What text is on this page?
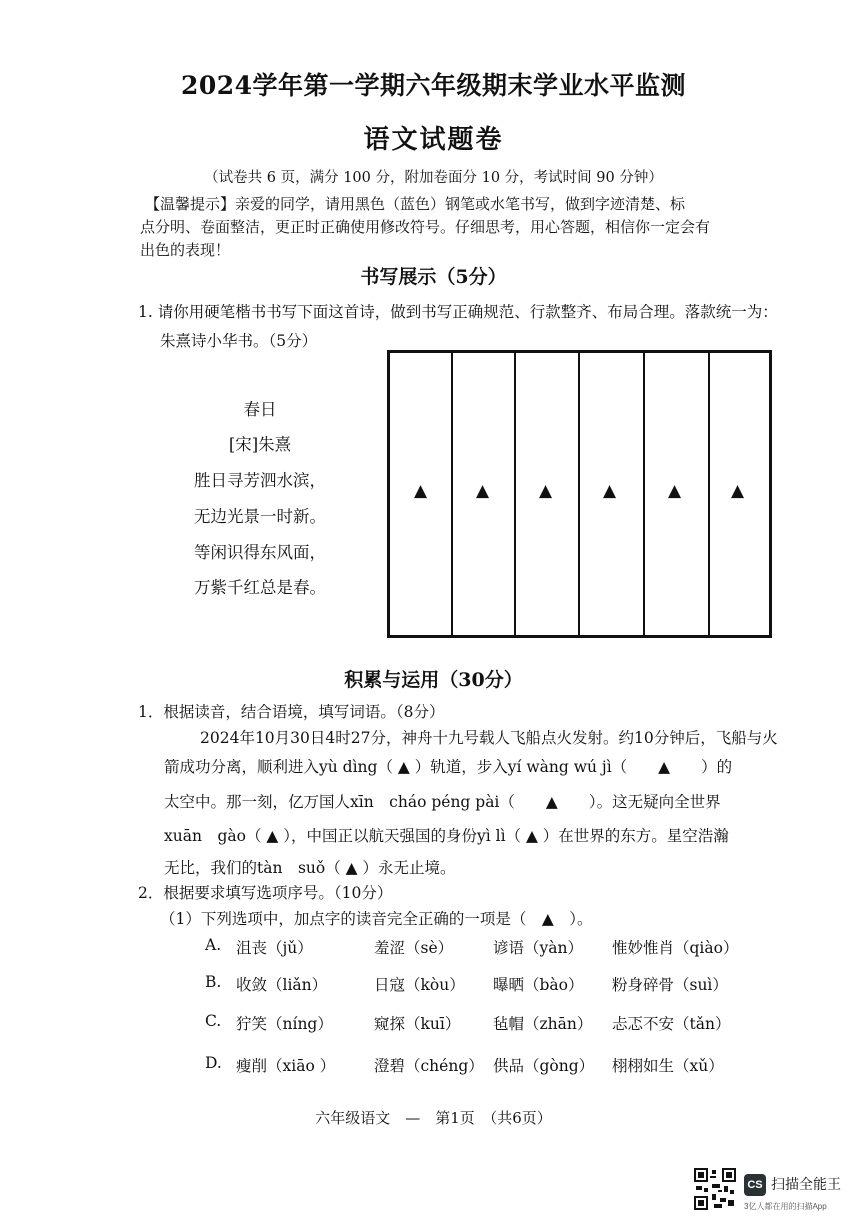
2024学年第一学期六年级期末学业水平监测
语文试题卷
（试卷共 6 页，满分 100 分，附加卷面分 10 分，考试时间 90 分钟）
【温馨提示】亲爱的同学，请用黑色（蓝色）钢笔或水笔书写，做到字迹清楚、标
点分明、卷面整洁，更正时正确使用修改符号。仔细思考，用心答题，相信你一定会有
出色的表现！
书写展示（5分）
1. 请你用硬笔楷书书写下面这首诗，做到书写正确规范、行款整齐、布局合理。落款统一为：
朱熹诗小华书。（5分）
春日
[宋]朱熹
胜日寻芳泗水滨，
无边光景一时新。
等闲识得东风面，
万紫千红总是春。
▲	▲	▲	▲	▲	▲
积累与运用（30分）
1．根据读音，结合语境，填写词语。（8分）
2024年10月30日4时27分，神舟十九号载人飞船点火发射。约10分钟后，飞船与火
箭成功分离，顺利进入yù dìng（ ▲ ）轨道，步入yí wàng wú jì（　　▲　　）的
太空中。那一刻，亿万国人xīn　cháo péng pài（　　▲　　）。这无疑向全世界
xuān　gào（ ▲ ），中国正以航天强国的身份yì lì（ ▲ ）在世界的东方。星空浩瀚
无比，我们的tàn　suǒ（ ▲ ）永无止境。
2．根据要求填写选项序号。（10分）
（1）下列选项中，加点字的读音完全正确的一项是（　▲　）。
A. 沮丧（jǔ）	羞涩（sè）	谚语（yàn） 惟妙惟肖（qiào）
B. 收敛（liǎn）	日寇（kòu） 曝晒（bào） 粉身碎骨（suì）
C. 狞笑（níng）	窥探（kuī） 毡帽（zhān） 忐忑不安（tǎn）
D. 瘦削（xiāo ）	澄碧（chéng） 供品（gòng） 栩栩如生（xǔ）
六年级语文　—　第1页　（共6页）
CS 扫描全能王
3亿人都在用的扫描App
